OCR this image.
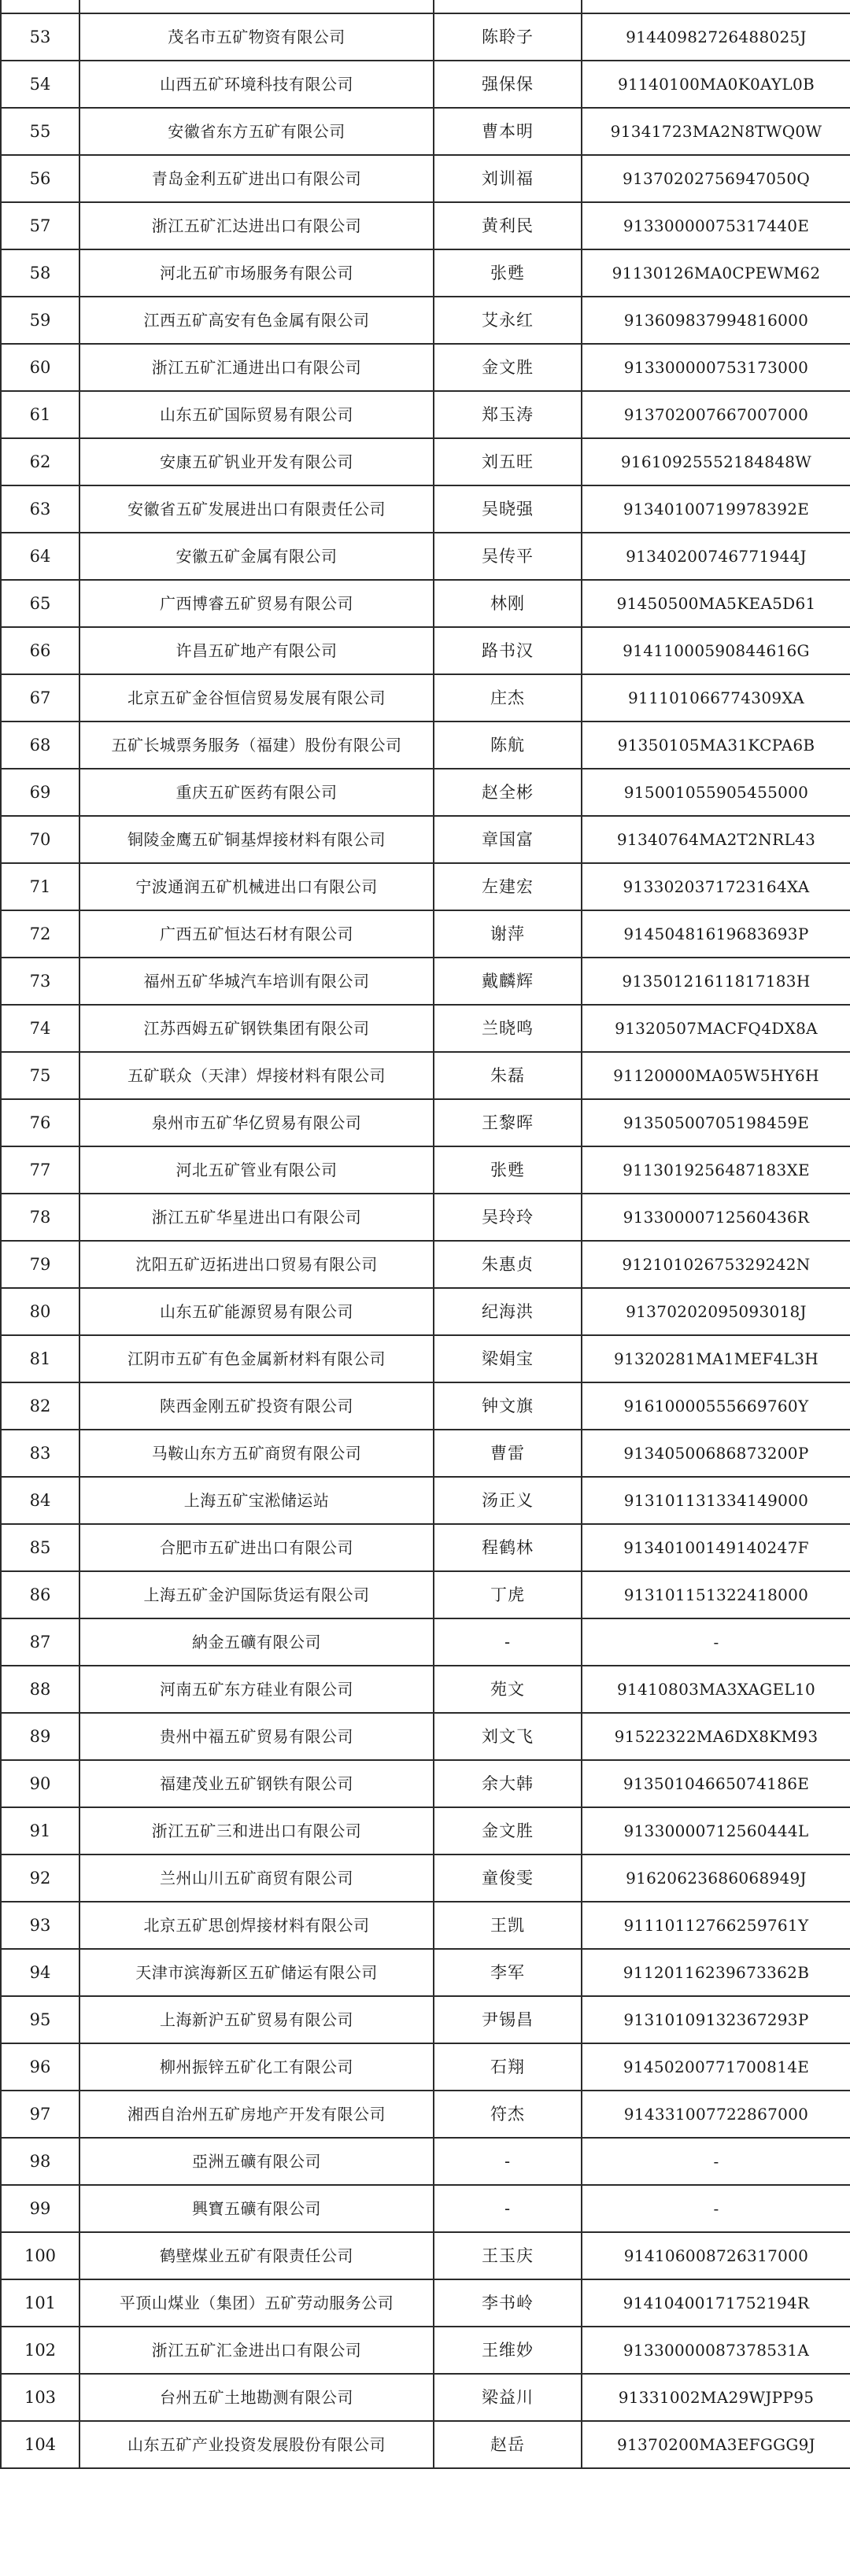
53	茂名市五矿物资有限公司	陈聆子	91440982726488025J
54	山西五矿环境科技有限公司	强保保	91140100MA0K0AYL0B
55	安徽省东方五矿有限公司	曹本明	91341723MA2N8TWQ0W
56	青岛金利五矿进出口有限公司	刘训福	91370202756947050Q
57	浙江五矿汇达进出口有限公司	黄利民	91330000075317440E
58	河北五矿市场服务有限公司	张甦	91130126MA0CPEWM62
59	江西五矿高安有色金属有限公司	艾永红	913609837994816000
60	浙江五矿汇通进出口有限公司	金文胜	913300000753173000
61	山东五矿国际贸易有限公司	郑玉涛	913702007667007000
62	安康五矿钒业开发有限公司	刘五旺	91610925552184848W
63	安徽省五矿发展进出口有限责任公司	吴晓强	91340100719978392E
64	安徽五矿金属有限公司	吴传平	91340200746771944J
65	广西博睿五矿贸易有限公司	林刚	91450500MA5KEA5D61
66	许昌五矿地产有限公司	路书汉	91411000590844616G
67	北京五矿金谷恒信贸易发展有限公司	庄杰	911101066774309XA
68	五矿长城票务服务（福建）股份有限公司	陈航	91350105MA31KCPA6B
69	重庆五矿医药有限公司	赵全彬	915001055905455000
70	铜陵金鹰五矿铜基焊接材料有限公司	章国富	91340764MA2T2NRL43
71	宁波通润五矿机械进出口有限公司	左建宏	9133020371723164XA
72	广西五矿恒达石材有限公司	谢萍	91450481619683693P
73	福州五矿华城汽车培训有限公司	戴麟辉	91350121611817183H
74	江苏西姆五矿钢铁集团有限公司	兰晓鸣	91320507MACFQ4DX8A
75	五矿联众（天津）焊接材料有限公司	朱磊	91120000MA05W5HY6H
76	泉州市五矿华亿贸易有限公司	王黎晖	91350500705198459E
77	河北五矿管业有限公司	张甦	9113019256487183XE
78	浙江五矿华星进出口有限公司	吴玲玲	91330000712560436R
79	沈阳五矿迈拓进出口贸易有限公司	朱惠贞	91210102675329242N
80	山东五矿能源贸易有限公司	纪海洪	91370202095093018J
81	江阴市五矿有色金属新材料有限公司	梁娟宝	91320281MA1MEF4L3H
82	陕西金刚五矿投资有限公司	钟文旗	91610000555669760Y
83	马鞍山东方五矿商贸有限公司	曹雷	91340500686873200P
84	上海五矿宝淞储运站	汤正义	913101131334149000
85	合肥市五矿进出口有限公司	程鹤林	91340100149140247F
86	上海五矿金沪国际货运有限公司	丁虎	913101151322418000
87	納金五礦有限公司	-	-
88	河南五矿东方硅业有限公司	苑文	91410803MA3XAGEL10
89	贵州中福五矿贸易有限公司	刘文飞	91522322MA6DX8KM93
90	福建茂业五矿钢铁有限公司	余大韩	91350104665074186E
91	浙江五矿三和进出口有限公司	金文胜	91330000712560444L
92	兰州山川五矿商贸有限公司	童俊雯	91620623686068949J
93	北京五矿思创焊接材料有限公司	王凯	91110112766259761Y
94	天津市滨海新区五矿储运有限公司	李军	91120116239673362B
95	上海新沪五矿贸易有限公司	尹锡昌	91310109132367293P
96	柳州振锌五矿化工有限公司	石翔	91450200771700814E
97	湘西自治州五矿房地产开发有限公司	符杰	914331007722867000
98	亞洲五礦有限公司	-	-
99	興寶五礦有限公司	-	-
100	鹤壁煤业五矿有限责任公司	王玉庆	914106008726317000
101	平顶山煤业（集团）五矿劳动服务公司	李书岭	91410400171752194R
102	浙江五矿汇金进出口有限公司	王维妙	91330000087378531A
103	台州五矿土地勘测有限公司	梁益川	91331002MA29WJPP95
104	山东五矿产业投资发展股份有限公司	赵岳	91370200MA3EFGGG9J
